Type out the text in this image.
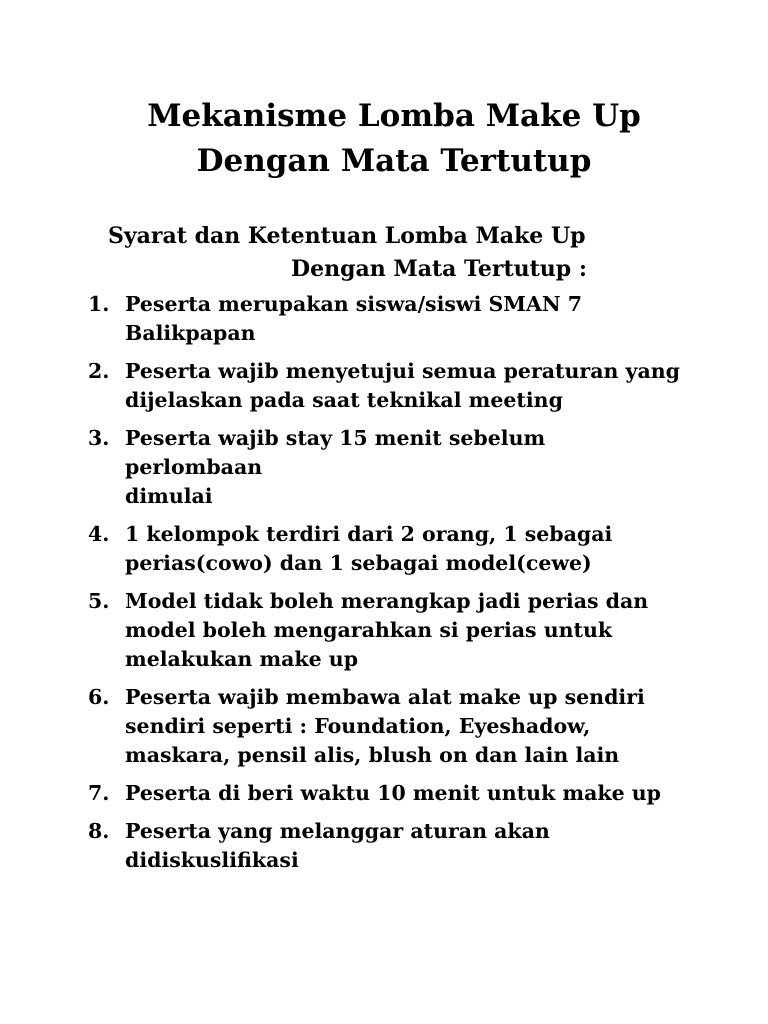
Mekanisme Lomba Make Up
Dengan Mata Tertutup
Syarat dan Ketentuan Lomba Make Up
Dengan Mata Tertutup :
1. Peserta merupakan siswa/siswi SMAN 7
Balikpapan
2. Peserta wajib menyetujui semua peraturan yang
dijelaskan pada saat teknikal meeting
3. Peserta wajib stay 15 menit sebelum perlombaan
dimulai
4. 1 kelompok terdiri dari 2 orang, 1 sebagai
perias(cowo) dan 1 sebagai model(cewe)
5. Model tidak boleh merangkap jadi perias dan
model boleh mengarahkan si perias untuk
melakukan make up
6. Peserta wajib membawa alat make up sendiri
sendiri seperti : Foundation, Eyeshadow,
maskara, pensil alis, blush on dan lain lain
7. Peserta di beri waktu 10 menit untuk make up
8. Peserta yang melanggar aturan akan
didiskuslifikasi
